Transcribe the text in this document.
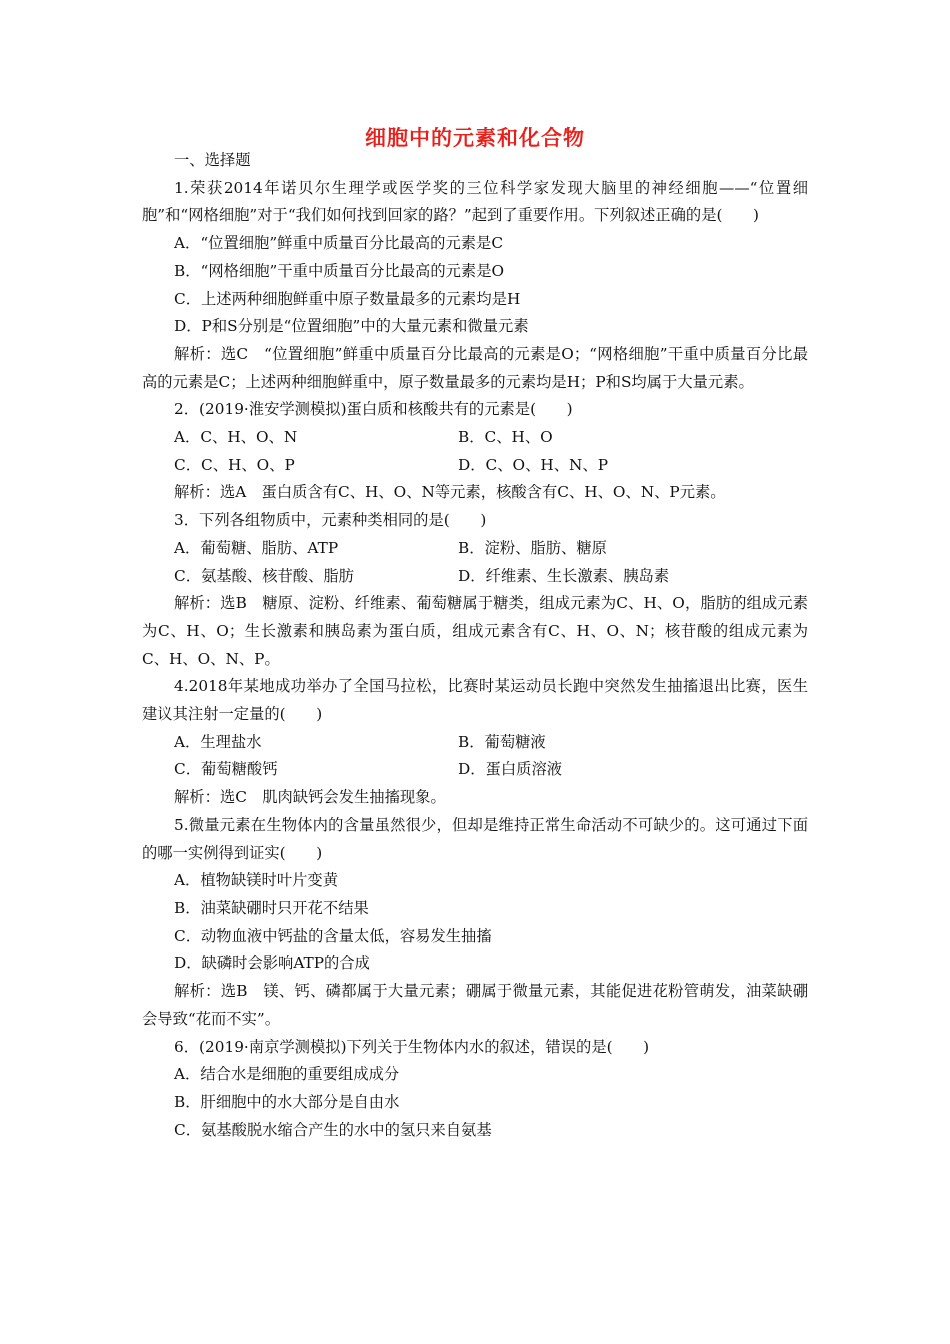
细胞中的元素和化合物
一、选择题
1.荣获2014年诺贝尔生理学或医学奖的三位科学家发现大脑里的神经细胞——“位置细胞”和“网格细胞”对于“我们如何找到回家的路？”起到了重要作用。下列叙述正确的是(　　)
A．“位置细胞”鲜重中质量百分比最高的元素是C
B．“网格细胞”干重中质量百分比最高的元素是O
C．上述两种细胞鲜重中原子数量最多的元素均是H
D．P和S分别是“位置细胞”中的大量元素和微量元素
解析：选C　“位置细胞”鲜重中质量百分比最高的元素是O；“网格细胞”干重中质量百分比最高的元素是C；上述两种细胞鲜重中，原子数量最多的元素均是H；P和S均属于大量元素。
2．(2019·淮安学测模拟)蛋白质和核酸共有的元素是(　　)
A．C、H、O、N	B．C、H、O
C．C、H、O、P	D．C、O、H、N、P
解析：选A　蛋白质含有C、H、O、N等元素，核酸含有C、H、O、N、P元素。
3．下列各组物质中，元素种类相同的是(　　)
A．葡萄糖、脂肪、ATP	B．淀粉、脂肪、糖原
C．氨基酸、核苷酸、脂肪	D．纤维素、生长激素、胰岛素
解析：选B　糖原、淀粉、纤维素、葡萄糖属于糖类，组成元素为C、H、O，脂肪的组成元素为C、H、O；生长激素和胰岛素为蛋白质，组成元素含有C、H、O、N；核苷酸的组成元素为C、H、O、N、P。
4.2018年某地成功举办了全国马拉松，比赛时某运动员长跑中突然发生抽搐退出比赛，医生建议其注射一定量的(　　)
A．生理盐水	B．葡萄糖液
C．葡萄糖酸钙	D．蛋白质溶液
解析：选C　肌肉缺钙会发生抽搐现象。
5.微量元素在生物体内的含量虽然很少，但却是维持正常生命活动不可缺少的。这可通过下面的哪一实例得到证实(　　)
A．植物缺镁时叶片变黄
B．油菜缺硼时只开花不结果
C．动物血液中钙盐的含量太低，容易发生抽搐
D．缺磷时会影响ATP的合成
解析：选B　镁、钙、磷都属于大量元素；硼属于微量元素，其能促进花粉管萌发，油菜缺硼会导致“花而不实”。
6．(2019·南京学测模拟)下列关于生物体内水的叙述，错误的是(　　)
A．结合水是细胞的重要组成成分
B．肝细胞中的水大部分是自由水
C．氨基酸脱水缩合产生的水中的氢只来自氨基
